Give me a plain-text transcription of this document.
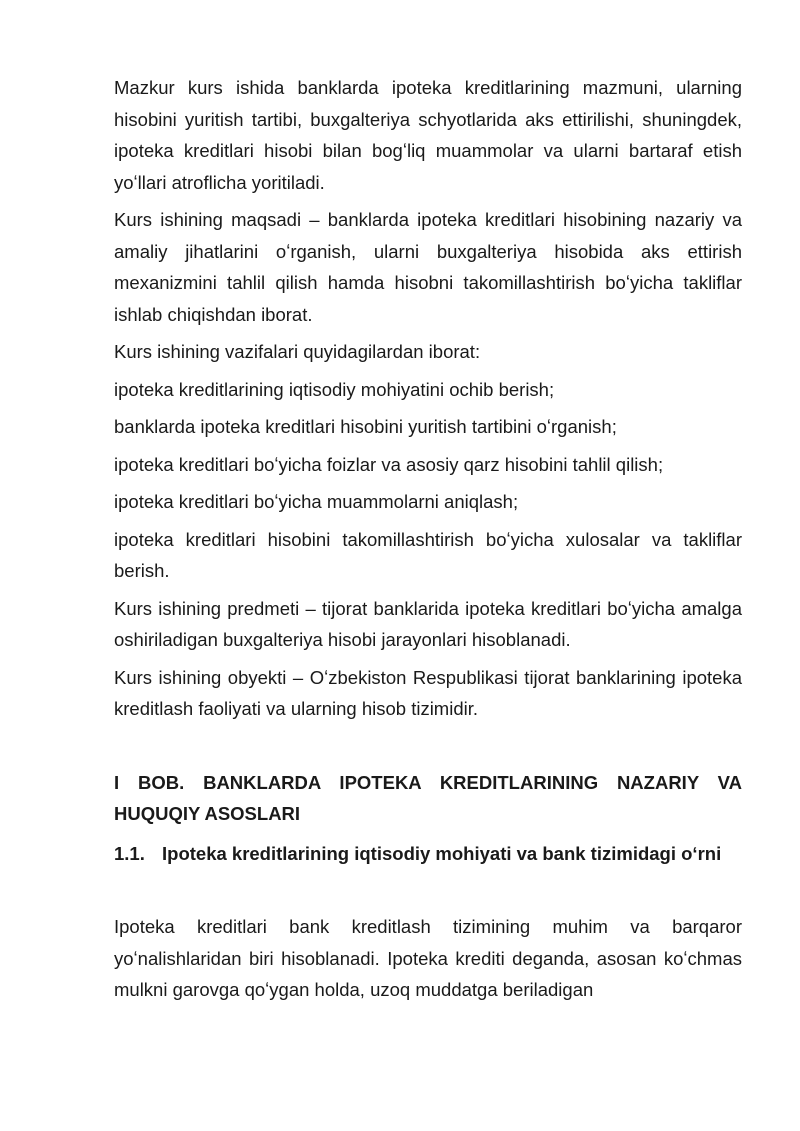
Mazkur kurs ishida banklarda ipoteka kreditlarining mazmuni, ularning hisobini yuritish tartibi, buxgalteriya schyotlarida aks ettirilishi, shuningdek, ipoteka kreditlari hisobi bilan bogʻliq muammolar va ularni bartaraf etish yoʻllari atroflicha yoritiladi.

Kurs ishining maqsadi – banklarda ipoteka kreditlari hisobining nazariy va amaliy jihatlarini oʻrganish, ularni buxgalteriya hisobida aks ettirish mexanizmini tahlil qilish hamda hisobni takomillashtirish boʻyicha takliflar ishlab chiqishdan iborat.

Kurs ishining vazifalari quyidagilardan iborat:

ipoteka kreditlarining iqtisodiy mohiyatini ochib berish;

banklarda ipoteka kreditlari hisobini yuritish tartibini oʻrganish;

ipoteka kreditlari boʻyicha foizlar va asosiy qarz hisobini tahlil qilish;

ipoteka kreditlari boʻyicha muammolarni aniqlash;

ipoteka kreditlari hisobini takomillashtirish boʻyicha xulosalar va takliflar berish.

Kurs ishining predmeti – tijorat banklarida ipoteka kreditlari boʻyicha amalga oshiriladigan buxgalteriya hisobi jarayonlari hisoblanadi.

Kurs ishining obyekti – Oʻzbekiston Respublikasi tijorat banklarining ipoteka kreditlash faoliyati va ularning hisob tizimidir.

I BOB. BANKLARDA IPOTEKA KREDITLARINING NAZARIY VA HUQUQIY ASOSLARI
1.1. Ipoteka kreditlarining iqtisodiy mohiyati va bank tizimidagi oʻrni

Ipoteka kreditlari bank kreditlash tizimining muhim va barqaror yoʻnalishlaridan biri hisoblanadi. Ipoteka krediti deganda, asosan koʻchmas mulkni garovga qoʻygan holda, uzoq muddatga beriladigan
